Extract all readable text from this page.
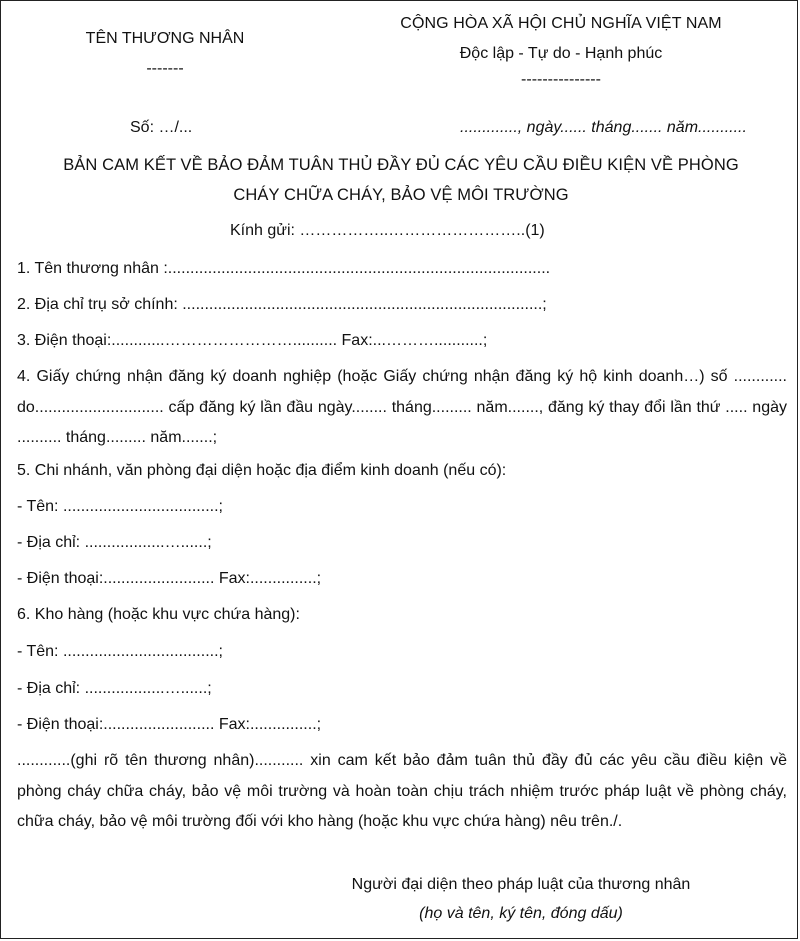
TÊN THƯƠNG NHÂN
-------
CỘNG HÒA XÃ HỘI CHỦ NGHĨA VIỆT NAM
Độc lập - Tự do - Hạnh phúc
---------------
Số: …/...	............., ngày...... tháng....... năm...........
BẢN CAM KẾT VỀ BẢO ĐẢM TUÂN THỦ ĐẦY ĐỦ CÁC YÊU CẦU ĐIỀU KIỆN VỀ PHÒNG
CHÁY CHỮA CHÁY, BẢO VỆ MÔI TRƯỜNG
Kính gửi: ……………..……………………..(1)
1. Tên thương nhân :......................................................................................
2. Địa chỉ trụ sở chính: .................................................................................;
3. Điện thoại:............…………………….......... Fax:...………...........;
4. Giấy chứng nhận đăng ký doanh nghiệp (hoặc Giấy chứng nhận đăng ký hộ kinh doanh…) số ............ do............................. cấp đăng ký lần đầu ngày........ tháng......... năm......., đăng ký thay đổi lần thứ ..... ngày .......... tháng......... năm.......;
5. Chi nhánh, văn phòng đại diện hoặc địa điểm kinh doanh (nếu có):
- Tên: ...................................;
- Địa chỉ: ..................…......;
- Điện thoại:......................... Fax:...............;
6. Kho hàng (hoặc khu vực chứa hàng):
- Tên: ...................................;
- Địa chỉ: ..................…......;
- Điện thoại:......................... Fax:...............;
............(ghi rõ tên thương nhân)........... xin cam kết bảo đảm tuân thủ đầy đủ các yêu cầu điều kiện về phòng cháy chữa cháy, bảo vệ môi trường và hoàn toàn chịu trách nhiệm trước pháp luật về phòng cháy, chữa cháy, bảo vệ môi trường đối với kho hàng (hoặc khu vực chứa hàng) nêu trên./.
Người đại diện theo pháp luật của thương nhân
(họ và tên, ký tên, đóng dấu)
